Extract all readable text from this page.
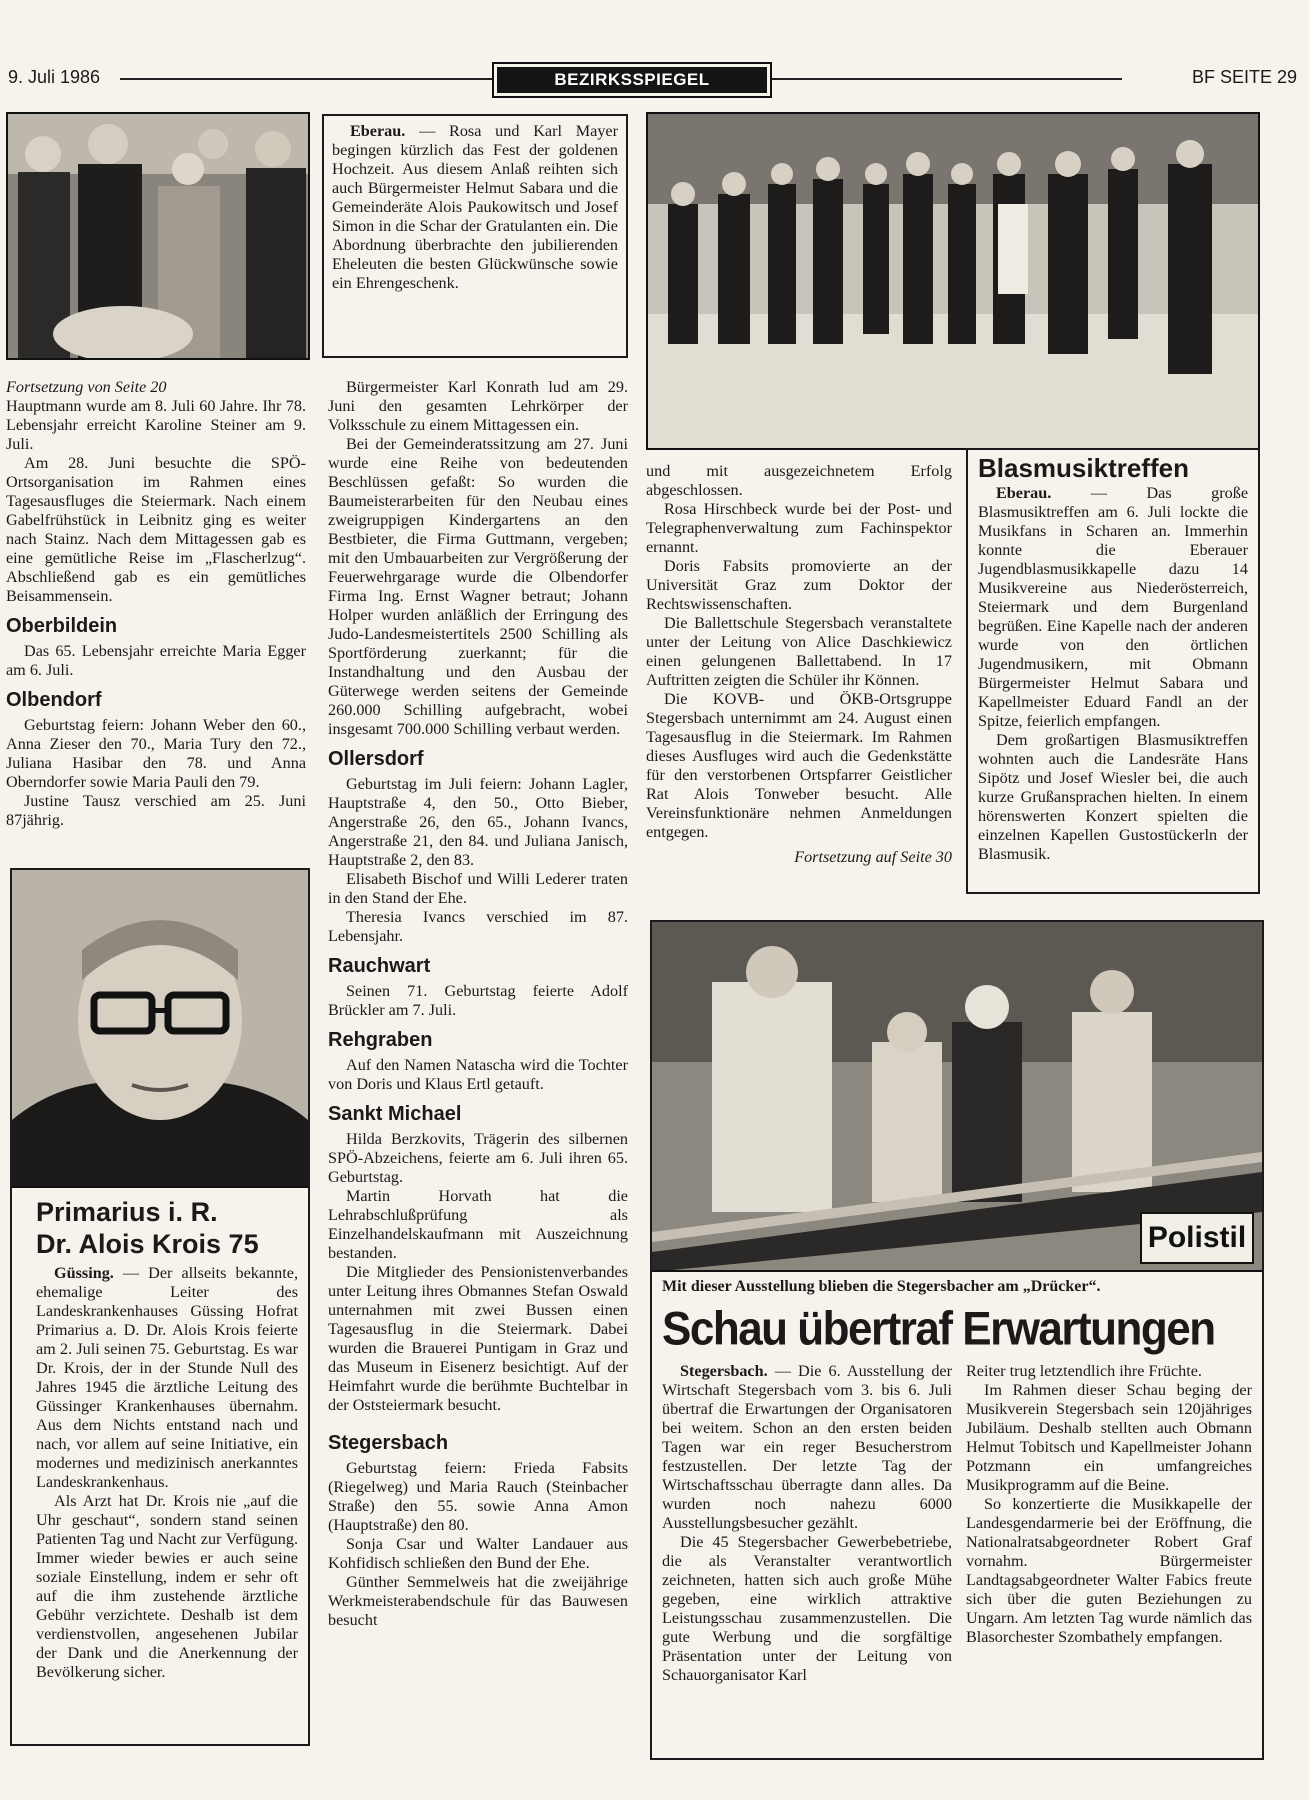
9. Juli 1986	BEZIRKSSPIEGEL	BF SEITE 29

Eberau. — Rosa und Karl Mayer begingen kürzlich das Fest der goldenen Hochzeit. Aus diesem Anlaß reihten sich auch Bürgermeister Helmut Sabara und die Gemeinderäte Alois Paukowitsch und Josef Simon in die Schar der Gratulanten ein. Die Abordnung überbrachte den jubilierenden Eheleuten die besten Glückwünsche sowie ein Ehrengeschenk.

Fortsetzung von Seite 20

Hauptmann wurde am 8. Juli 60 Jahre. Ihr 78. Lebensjahr erreicht Karoline Steiner am 9. Juli.

Am 28. Juni besuchte die SPÖ-Ortsorganisation im Rahmen eines Tagesausfluges die Steiermark. Nach einem Gabelfrühstück in Leibnitz ging es weiter nach Stainz. Nach dem Mittagessen gab es eine gemütliche Reise im „Flascherlzug“. Abschließend gab es ein gemütliches Beisammensein.

Oberbildein

Das 65. Lebensjahr erreichte Maria Egger am 6. Juli.

Olbendorf

Geburtstag feiern: Johann Weber den 60., Anna Zieser den 70., Maria Tury den 72., Juliana Hasibar den 78. und Anna Oberndorfer sowie Maria Pauli den 79.

Justine Tausz verschied am 25. Juni 87jährig.

Primarius i. R.
Dr. Alois Krois 75

Güssing. — Der allseits bekannte, ehemalige Leiter des Landeskrankenhauses Güssing Hofrat Primarius a. D. Dr. Alois Krois feierte am 2. Juli seinen 75. Geburtstag. Es war Dr. Krois, der in der Stunde Null des Jahres 1945 die ärztliche Leitung des Güssinger Krankenhauses übernahm. Aus dem Nichts entstand nach und nach, vor allem auf seine Initiative, ein modernes und medizinisch anerkanntes Landeskrankenhaus.

Als Arzt hat Dr. Krois nie „auf die Uhr geschaut“, sondern stand seinen Patienten Tag und Nacht zur Verfügung. Immer wieder bewies er auch seine soziale Einstellung, indem er sehr oft auf die ihm zustehende ärztliche Gebühr verzichtete. Deshalb ist dem verdienstvollen, angesehenen Jubilar der Dank und die Anerkennung der Bevölkerung sicher.

Bürgermeister Karl Konrath lud am 29. Juni den gesamten Lehrkörper der Volksschule zu einem Mittagessen ein.

Bei der Gemeinderatssitzung am 27. Juni wurde eine Reihe von bedeutenden Beschlüssen gefaßt: So wurden die Baumeisterarbeiten für den Neubau eines zweigruppigen Kindergartens an den Bestbieter, die Firma Guttmann, vergeben; mit den Umbauarbeiten zur Vergrößerung der Feuerwehrgarage wurde die Olbendorfer Firma Ing. Ernst Wagner betraut; Johann Holper wurden anläßlich der Erringung des Judo-Landesmeistertitels 2500 Schilling als Sportförderung zuerkannt; für die Instandhaltung und den Ausbau der Güterwege werden seitens der Gemeinde 260.000 Schilling aufgebracht, wobei insgesamt 700.000 Schilling verbaut werden.

Ollersdorf

Geburtstag im Juli feiern: Johann Lagler, Hauptstraße 4, den 50., Otto Bieber, Angerstraße 26, den 65., Johann Ivancs, Angerstraße 21, den 84. und Juliana Janisch, Hauptstraße 2, den 83.

Elisabeth Bischof und Willi Lederer traten in den Stand der Ehe.

Theresia Ivancs verschied im 87. Lebensjahr.

Rauchwart

Seinen 71. Geburtstag feierte Adolf Brückler am 7. Juli.

Rehgraben

Auf den Namen Natascha wird die Tochter von Doris und Klaus Ertl getauft.

Sankt Michael

Hilda Berzkovits, Trägerin des silbernen SPÖ-Abzeichens, feierte am 6. Juli ihren 65. Geburtstag.

Martin Horvath hat die Lehrabschlußprüfung als Einzelhandelskaufmann mit Auszeichnung bestanden.

Die Mitglieder des Pensionistenverbandes unter Leitung ihres Obmannes Stefan Oswald unternahmen mit zwei Bussen einen Tagesausflug in die Steiermark. Dabei wurden die Brauerei Puntigam in Graz und das Museum in Eisenerz besichtigt. Auf der Heimfahrt wurde die berühmte Buchtelbar in der Oststeiermark besucht.

Stegersbach

Geburtstag feiern: Frieda Fabsits (Riegelweg) und Maria Rauch (Steinbacher Straße) den 55. sowie Anna Amon (Hauptstraße) den 80.

Sonja Csar und Walter Landauer aus Kohfidisch schließen den Bund der Ehe.

Günther Semmelweis hat die zweijährige Werkmeisterabendschule für das Bauwesen besucht

und mit ausgezeichnetem Erfolg abgeschlossen.

Rosa Hirschbeck wurde bei der Post- und Telegraphenverwaltung zum Fachinspektor ernannt.

Doris Fabsits promovierte an der Universität Graz zum Doktor der Rechtswissenschaften.

Die Ballettschule Stegersbach veranstaltete unter der Leitung von Alice Daschkiewicz einen gelungenen Ballettabend. In 17 Auftritten zeigten die Schüler ihr Können.

Die KOVB- und ÖKB-Ortsgruppe Stegersbach unternimmt am 24. August einen Tagesausflug in die Steiermark. Im Rahmen dieses Ausfluges wird auch die Gedenkstätte für den verstorbenen Ortspfarrer Geistlicher Rat Alois Tonweber besucht. Alle Vereinsfunktionäre nehmen Anmeldungen entgegen.

Fortsetzung auf Seite 30

Blasmusiktreffen

Eberau. — Das große Blasmusiktreffen am 6. Juli lockte die Musikfans in Scharen an. Immerhin konnte die Eberauer Jugendblasmusikkapelle dazu 14 Musikvereine aus Niederösterreich, Steiermark und dem Burgenland begrüßen. Eine Kapelle nach der anderen wurde von den örtlichen Jugendmusikern, mit Obmann Bürgermeister Helmut Sabara und Kapellmeister Eduard Fandl an der Spitze, feierlich empfangen.

Dem großartigen Blasmusiktreffen wohnten auch die Landesräte Hans Sipötz und Josef Wiesler bei, die auch kurze Grußansprachen hielten. In einem hörenswerten Konzert spielten die einzelnen Kapellen Gustostückerln der Blasmusik.

Polistil
Mit dieser Ausstellung blieben die Stegersbacher am „Drücker“.
Schau übertraf Erwartungen

Stegersbach. — Die 6. Ausstellung der Wirtschaft Stegersbach vom 3. bis 6. Juli übertraf die Erwartungen der Organisatoren bei weitem. Schon an den ersten beiden Tagen war ein reger Besucherstrom festzustellen. Der letzte Tag der Wirtschaftsschau überragte dann alles. Da wurden noch nahezu 6000 Ausstellungsbesucher gezählt.

Die 45 Stegersbacher Gewerbebetriebe, die als Veranstalter verantwortlich zeichneten, hatten sich auch große Mühe gegeben, eine wirklich attraktive Leistungsschau zusammenzustellen. Die gute Werbung und die sorgfältige Präsentation unter der Leitung von Schauorganisator Karl

Reiter trug letztendlich ihre Früchte.

Im Rahmen dieser Schau beging der Musikverein Stegersbach sein 120jähriges Jubiläum. Deshalb stellten auch Obmann Helmut Tobitsch und Kapellmeister Johann Potzmann ein umfangreiches Musikprogramm auf die Beine.

So konzertierte die Musikkapelle der Landesgendarmerie bei der Eröffnung, die Nationalratsabgeordneter Robert Graf vornahm. Bürgermeister Landtagsabgeordneter Walter Fabics freute sich über die guten Beziehungen zu Ungarn. Am letzten Tag wurde nämlich das Blasorchester Szombathely empfangen.
